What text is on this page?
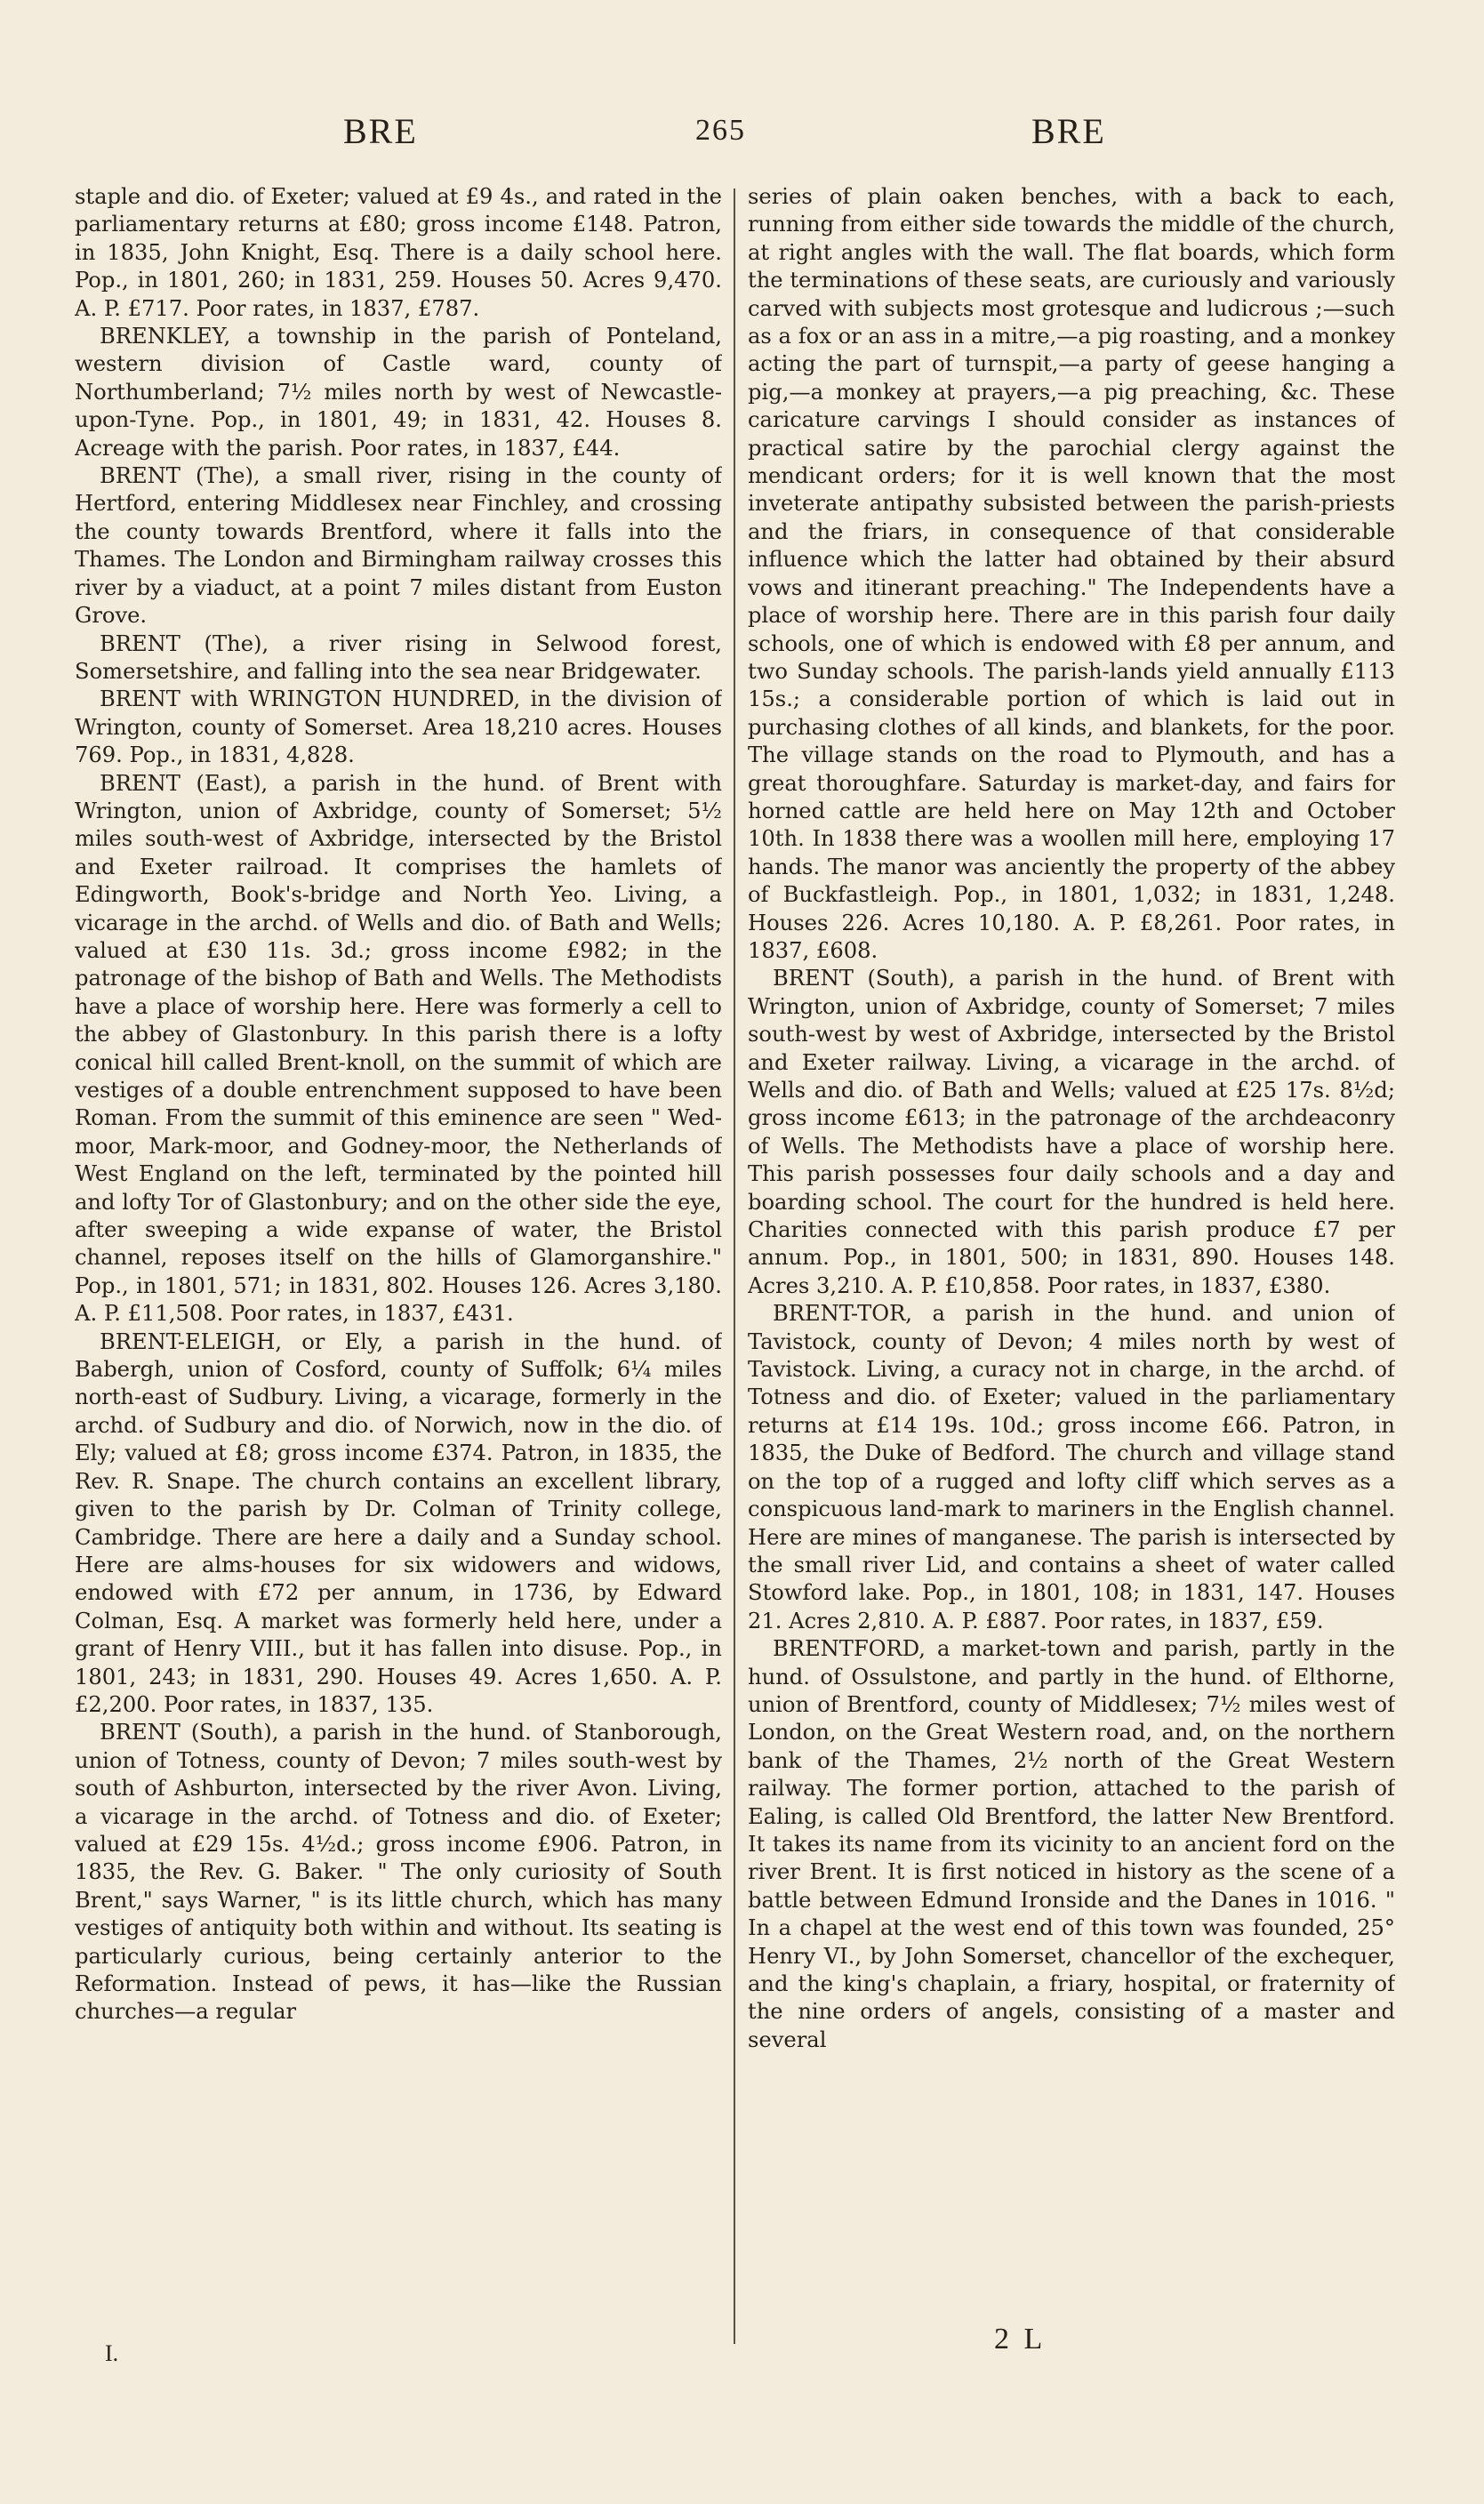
BRE	265	BRE

staple and dio. of Exeter; valued at £9 4s., and rated in the parliamentary returns at £80; gross income £148. Patron, in 1835, John Knight, Esq. There is a daily school here. Pop., in 1801, 260; in 1831, 259. Houses 50. Acres 9,470. A. P. £717. Poor rates, in 1837, £787.

BRENKLEY, a township in the parish of Ponteland, western division of Castle ward, county of Northumberland; 7½ miles north by west of Newcastle-upon-Tyne. Pop., in 1801, 49; in 1831, 42. Houses 8. Acreage with the parish. Poor rates, in 1837, £44.

BRENT (The), a small river, rising in the county of Hertford, entering Middlesex near Finchley, and crossing the county towards Brentford, where it falls into the Thames. The London and Birmingham railway crosses this river by a viaduct, at a point 7 miles distant from Euston Grove.

BRENT (The), a river rising in Selwood forest, Somersetshire, and falling into the sea near Bridgewater.

BRENT with WRINGTON HUNDRED, in the division of Wrington, county of Somerset. Area 18,210 acres. Houses 769. Pop., in 1831, 4,828.

BRENT (East), a parish in the hund. of Brent with Wrington, union of Axbridge, county of Somerset; 5½ miles south-west of Axbridge, intersected by the Bristol and Exeter railroad. It comprises the hamlets of Edingworth, Book's-bridge and North Yeo. Living, a vicarage in the archd. of Wells and dio. of Bath and Wells; valued at £30 11s. 3d.; gross income £982; in the patronage of the bishop of Bath and Wells. The Methodists have a place of worship here. Here was formerly a cell to the abbey of Glastonbury. In this parish there is a lofty conical hill called Brent-knoll, on the summit of which are vestiges of a double entrenchment supposed to have been Roman. From the summit of this eminence are seen " Wed-moor, Mark-moor, and Godney-moor, the Netherlands of West England on the left, terminated by the pointed hill and lofty Tor of Glastonbury; and on the other side the eye, after sweeping a wide expanse of water, the Bristol channel, reposes itself on the hills of Glamorganshire." Pop., in 1801, 571; in 1831, 802. Houses 126. Acres 3,180. A. P. £11,508. Poor rates, in 1837, £431.

BRENT-ELEIGH, or Ely, a parish in the hund. of Babergh, union of Cosford, county of Suffolk; 6¼ miles north-east of Sudbury. Living, a vicarage, formerly in the archd. of Sudbury and dio. of Norwich, now in the dio. of Ely; valued at £8; gross income £374. Patron, in 1835, the Rev. R. Snape. The church contains an excellent library, given to the parish by Dr. Colman of Trinity college, Cambridge. There are here a daily and a Sunday school. Here are alms-houses for six widowers and widows, endowed with £72 per annum, in 1736, by Edward Colman, Esq. A market was formerly held here, under a grant of Henry VIII., but it has fallen into disuse. Pop., in 1801, 243; in 1831, 290. Houses 49. Acres 1,650. A. P. £2,200. Poor rates, in 1837, 135.

BRENT (South), a parish in the hund. of Stanborough, union of Totness, county of Devon; 7 miles south-west by south of Ashburton, intersected by the river Avon. Living, a vicarage in the archd. of Totness and dio. of Exeter; valued at £29 15s. 4½d.; gross income £906. Patron, in 1835, the Rev. G. Baker. " The only curiosity of South Brent," says Warner, " is its little church, which has many vestiges of antiquity both within and without. Its seating is particularly curious, being certainly anterior to the Reformation. Instead of pews, it has—like the Russian churches—a regular

series of plain oaken benches, with a back to each, running from either side towards the middle of the church, at right angles with the wall. The flat boards, which form the terminations of these seats, are curiously and variously carved with subjects most grotesque and ludicrous ;—such as a fox or an ass in a mitre,—a pig roasting, and a monkey acting the part of turnspit,—a party of geese hanging a pig,—a monkey at prayers,—a pig preaching, &c. These caricature carvings I should consider as instances of practical satire by the parochial clergy against the mendicant orders; for it is well known that the most inveterate antipathy subsisted between the parish-priests and the friars, in consequence of that considerable influence which the latter had obtained by their absurd vows and itinerant preaching." The Independents have a place of worship here. There are in this parish four daily schools, one of which is endowed with £8 per annum, and two Sunday schools. The parish-lands yield annually £113 15s.; a considerable portion of which is laid out in purchasing clothes of all kinds, and blankets, for the poor. The village stands on the road to Plymouth, and has a great thoroughfare. Saturday is market-day, and fairs for horned cattle are held here on May 12th and October 10th. In 1838 there was a woollen mill here, employing 17 hands. The manor was anciently the property of the abbey of Buckfastleigh. Pop., in 1801, 1,032; in 1831, 1,248. Houses 226. Acres 10,180. A. P. £8,261. Poor rates, in 1837, £608.

BRENT (South), a parish in the hund. of Brent with Wrington, union of Axbridge, county of Somerset; 7 miles south-west by west of Axbridge, intersected by the Bristol and Exeter railway. Living, a vicarage in the archd. of Wells and dio. of Bath and Wells; valued at £25 17s. 8½d; gross income £613; in the patronage of the archdeaconry of Wells. The Methodists have a place of worship here. This parish possesses four daily schools and a day and boarding school. The court for the hundred is held here. Charities connected with this parish produce £7 per annum. Pop., in 1801, 500; in 1831, 890. Houses 148. Acres 3,210. A. P. £10,858. Poor rates, in 1837, £380.

BRENT-TOR, a parish in the hund. and union of Tavistock, county of Devon; 4 miles north by west of Tavistock. Living, a curacy not in charge, in the archd. of Totness and dio. of Exeter; valued in the parliamentary returns at £14 19s. 10d.; gross income £66. Patron, in 1835, the Duke of Bedford. The church and village stand on the top of a rugged and lofty cliff which serves as a conspicuous land-mark to mariners in the English channel. Here are mines of manganese. The parish is intersected by the small river Lid, and contains a sheet of water called Stowford lake. Pop., in 1801, 108; in 1831, 147. Houses 21. Acres 2,810. A. P. £887. Poor rates, in 1837, £59.

BRENTFORD, a market-town and parish, partly in the hund. of Ossulstone, and partly in the hund. of Elthorne, union of Brentford, county of Middlesex; 7½ miles west of London, on the Great Western road, and, on the northern bank of the Thames, 2½ north of the Great Western railway. The former portion, attached to the parish of Ealing, is called Old Brentford, the latter New Brentford. It takes its name from its vicinity to an ancient ford on the river Brent. It is first noticed in history as the scene of a battle between Edmund Ironside and the Danes in 1016. " In a chapel at the west end of this town was founded, 25° Henry VI., by John Somerset, chancellor of the exchequer, and the king's chaplain, a friary, hospital, or fraternity of the nine orders of angels, consisting of a master and several

I.	2 L
